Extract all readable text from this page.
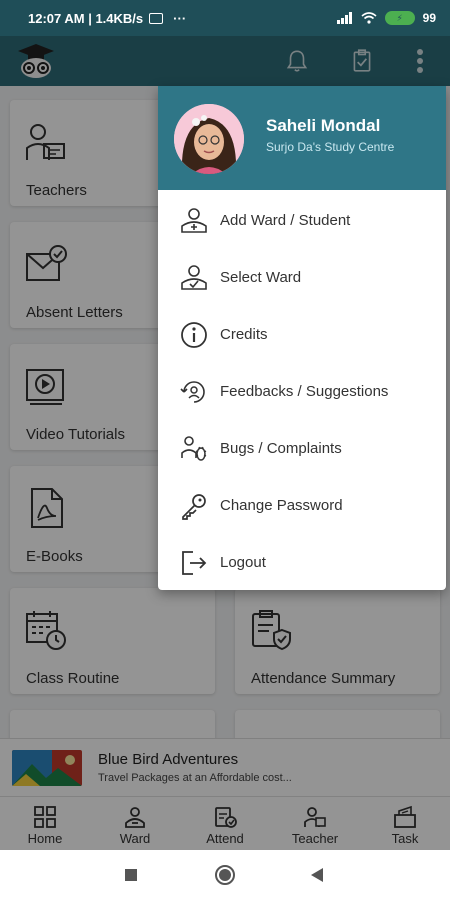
12:07 AM | 1.4KB/s ···	⚡	99
Teachers
Absent Letters
Video Tutorials
E-Books
Class Routine	Attendance Summary
Blue Bird Adventures
Travel Packages at an Affordable cost...
Home	Ward	Attend	Teacher	Task
Saheli Mondal
Surjo Da's Study Centre
Add Ward / Student
Select Ward
Credits
Feedbacks / Suggestions
Bugs / Complaints
Change Password
Logout
